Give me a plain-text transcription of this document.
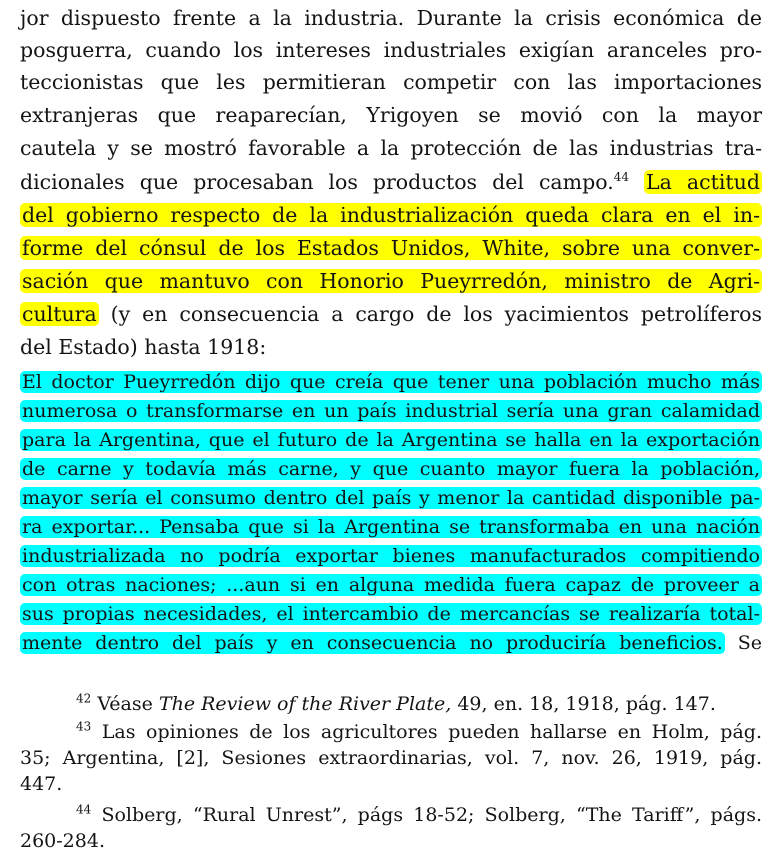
jor dispuesto frente a la industria. Durante la crisis económica de
posguerra, cuando los intereses industriales exigían aranceles pro-
teccionistas que les permitieran competir con las importaciones
extranjeras que reaparecían, Yrigoyen se movió con la mayor
cautela y se mostró favorable a la protección de las industrias tra-
dicionales que procesaban los productos del campo.$^{44}$ La actitud
del gobierno respecto de la industrialización queda clara en el in-
forme del cónsul de los Estados Unidos, White, sobre una conver-
sación que mantuvo con Honorio Pueyrredón, ministro de Agri-
cultura (y en consecuencia a cargo de los yacimientos petrolíferos
del Estado) hasta 1918:
El doctor Pueyrredón dijo que creía que tener una población mucho más
numerosa o transformarse en un país industrial sería una gran calamidad
para la Argentina, que el futuro de la Argentina se halla en la exportación
de carne y todavía más carne, y que cuanto mayor fuera la población,
mayor sería el consumo dentro del país y menor la cantidad disponible pa-
ra exportar... Pensaba que si la Argentina se transformaba en una nación
industrializada no podría exportar bienes manufacturados compitiendo
con otras naciones; ...aun si en alguna medida fuera capaz de proveer a
sus propias necesidades, el intercambio de mercancías se realizaría total-
mente dentro del país y en consecuencia no produciría beneficios. Se
$^{42}$ Véase The Review of the River Plate, 49, en. 18, 1918, pág. 147.
$^{43}$ Las opiniones de los agricultores pueden hallarse en Holm, pág.
35; Argentina, [2], Sesiones extraordinarias, vol. 7, nov. 26, 1919, pág.
447.
$^{44}$ Solberg, “Rural Unrest”, págs 18-52; Solberg, “The Tariff”, págs.
260-284.
